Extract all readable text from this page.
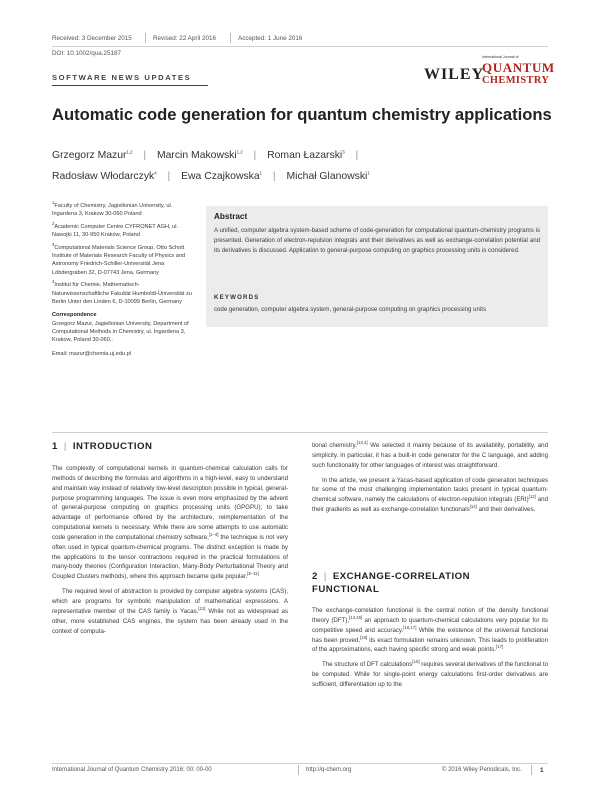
Received: 3 December 2015	Revised: 22 April 2016	Accepted: 1 June 2016
DOI: 10.1002/qua.25187
SOFTWARE NEWS UPDATES	WILEY
International Journal of
QUANTUM
CHEMISTRY
Automatic code generation for quantum chemistry applications
Grzegorz Mazur$^{1,2}$ | Marcin Makowski$^{1,2}$ | Roman Łazarski$^3$ |
Radosław Włodarczyk$^4$ | Ewa Czajkowska$^1$ | Michał Glanowski$^1$
$^1$Faculty of Chemistry, Jagiellonian University, ul. Ingardena 3, Krakow 30-060 Poland
$^2$Academic Computer Centre CYFRONET AGH, ul. Nawojki 11, 30-950 Kraków, Poland
$^3$Computational Materials Science Group, Otto Schott Institute of Materials Research Faculty of Physics and Astronomy Friedrich-Schiller-Universität Jena Löbdergraben 32, D-07743 Jena, Germany
$^4$Institut für Chemie, Mathematisch-Naturwissenschaftliche Fakultät Humboldt-Universität zu Berlin Unter den Linden 6, D-10099 Berlin, Germany
Correspondence
Grzegorz Mazur, Jagiellonian University, Department of Computational Methods in Chemistry, ul. Ingardena 3, Krakow, Poland 30-060..
Email: mazur@chemia.uj.edu.pl
Abstract
A unified, computer algebra system-based scheme of code-generation for computational quantum-chemistry programs is presented. Generation of electron-repulsion integrals and their derivatives as well as exchange-correlation potential and its derivatives is discussed. Application to general-purpose computing on graphics processing units is considered.
KEYWORDS
code generation, computer algebra system, general-purpose computing on graphics processing units
1 | INTRODUCTION

The complexity of computational kernels in quantum-chemical calculation calls for methods of describing the formulas and algorithms in a high-level, easy to understand and maintain way instead of relatively low-level description possible in typical, general-purpose programming languages. The issue is even more emphasized by the advent of general-purpose computing on graphics processing units (GPGPU); to take advantage of performance offered by the architecture, reimplementation of the computational kernels is necessary. While there are some attempts to use automatic code generation in the computational chemistry software,[1–4] the technique is not very often used in typical quantum-chemical programs. The distinct exception is made by the applications to the tensor contractions required in the practical formulations of many-body theories (Configuration Interaction, Many-Body Perturbational Theory and Coupled Clusters methods), where this approach became quite popular.[5–11]

The required level of abstraction is provided by computer algebra systems (CAS), which are programs for symbolic manipulation of mathematical expressions. A representative member of the CAS family is Yacas.[12] While not as widespread as other, more established CAS engines, the system has been already used in the context of computa-

tional chemistry.[13,4] We selected it mainly because of its availability, portability, and simplicity. In particular, it has a built-in code generator for the C language, and adding such functionality for other languages of interest was straightforward.

In the article, we present a Yacas-based application of code generation techniques for some of the most challenging implementation tasks present in typical quantum-chemical software, namely the calculations of electron-repulsion integrals (ERI)[12] and their gradients as well as exchange-correlation functionals[14] and their derivatives.

2 | EXCHANGE-CORRELATION
FUNCTIONAL

The exchange-correlation functional is the central notion of the density functional theory (DFT),[14,15] an approach to quantum-chemical calculations very popular for its competitive speed and accuracy.[16,17] While the existence of the universal functional has been proved,[18] its exact formulation remains unknown. This leads to proliferation of the approximations, each having specific strong and weak points.[17]

The structure of DFT calculations[15] requires several derivatives of the functional to be computed. While for single-point energy calculations first-order derivatives are sufficient, differentiation up to the

International Journal of Quantum Chemistry 2016; 00: 00-00	http://q-chem.org	© 2016 Wiley Periodicals, Inc.	1
